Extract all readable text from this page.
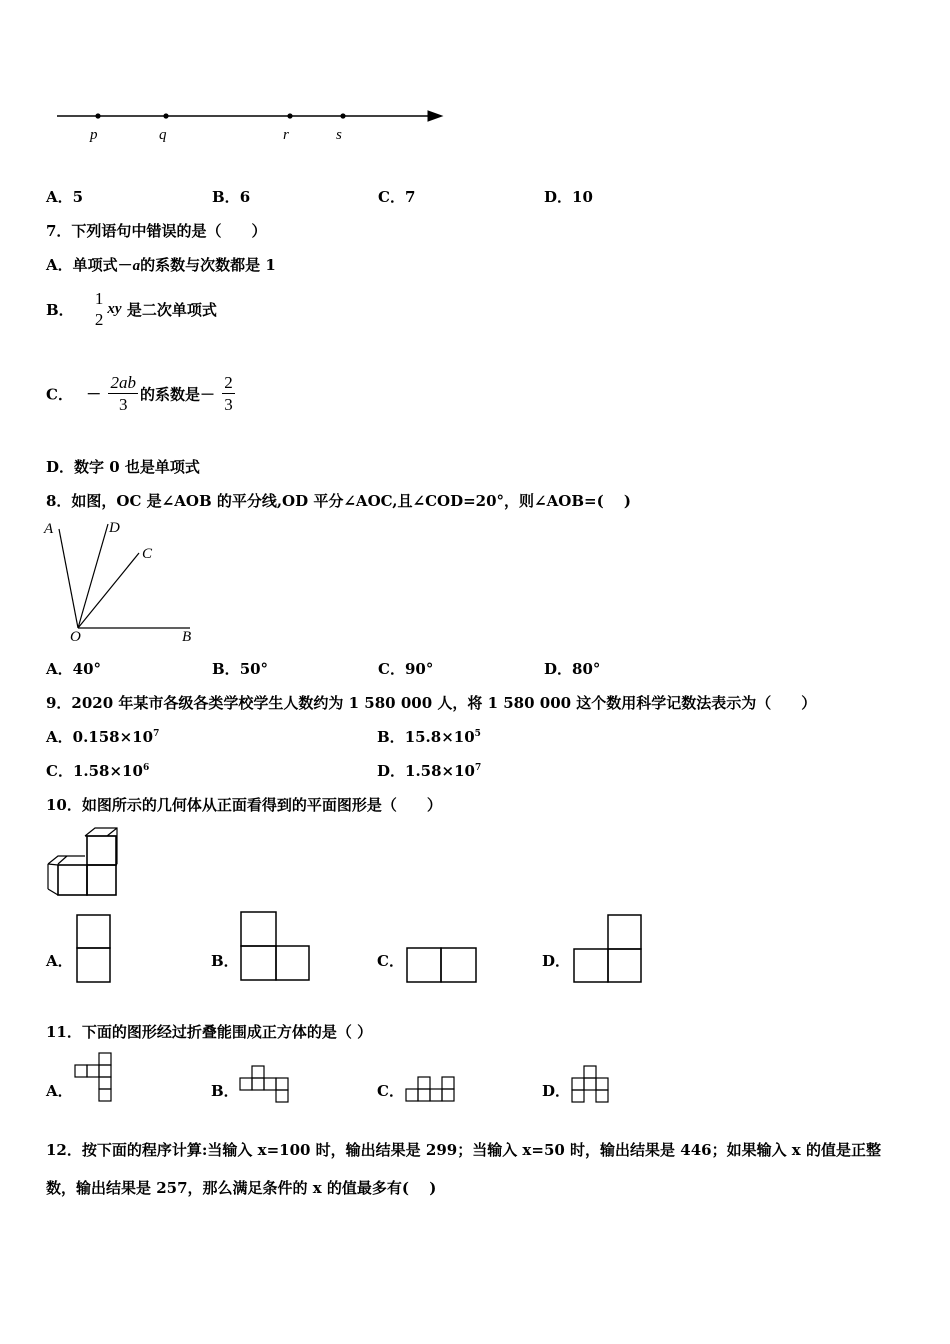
p	q	r	s
A．5	B．6	C．7	D．10
7．下列语句中错误的是（　　）
A．单项式－a的系数与次数都是 1
B．
1
2
xy 是二次单项式
C． － $\frac{2ab}{3}$ 的系数是－ $\frac{2}{3}$
D．数字 0 也是单项式
8．如图，OC 是∠AOB 的平分线,OD 平分∠AOC,且∠COD=20°，则∠AOB=(　 )
A	D
C
O	B
A．40°	B．50°	C．90°	D．80°
9．2020 年某市各级各类学校学生人数约为 1 580 000 人，将 1 580 000 这个数用科学记数法表示为（　　）
A．$0.158\times 10^7$	B．$15.8\times 10^5$
C．$1.58\times 10^6$	D．$1.58\times 10^7$
10．如图所示的几何体从正面看得到的平面图形是（　　）
A．	B．	C．	D．
11．下面的图形经过折叠能围成正方体的是（ ）
A．	B．	C．	D．
12．按下面的程序计算:当输入 x=100 时，输出结果是 299；当输入 x=50 时，输出结果是 446；如果输入 x 的值是正整
数，输出结果是 257，那么满足条件的 x 的值最多有(　 )
